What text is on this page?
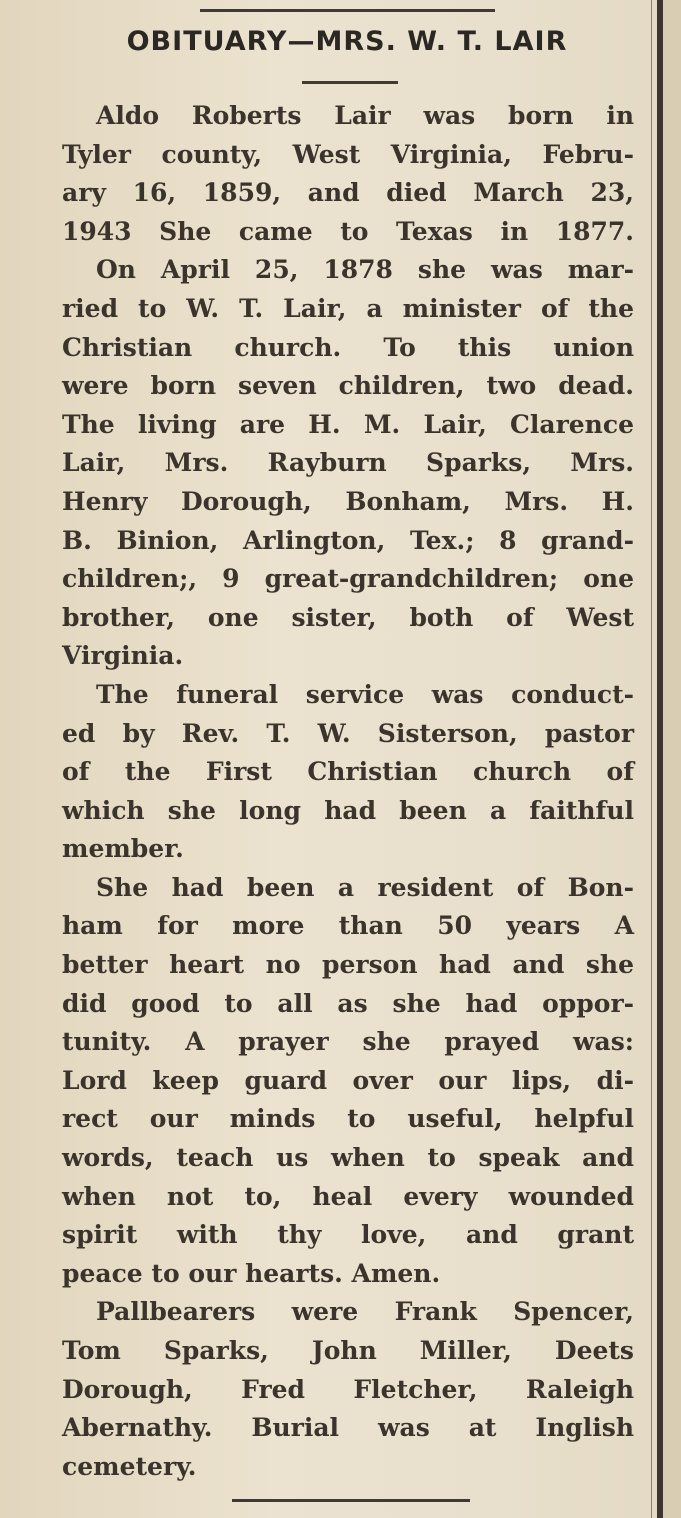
OBITUARY—MRS. W. T. LAIR
Aldo Roberts Lair was born in
Tyler county, West Virginia, Febru-
ary 16, 1859, and died March 23,
1943 She came to Texas in 1877.
On April 25, 1878 she was mar-
ried to W. T. Lair, a minister of the
Christian church. To this union
were born seven children, two dead.
The living are H. M. Lair, Clarence
Lair, Mrs. Rayburn Sparks, Mrs.
Henry Dorough, Bonham, Mrs. H.
B. Binion, Arlington, Tex.; 8 grand-
children;, 9 great-grandchildren; one
brother, one sister, both of West
Virginia.
The funeral service was conduct-
ed by Rev. T. W. Sisterson, pastor
of the First Christian church of
which she long had been a faithful
member.
She had been a resident of Bon-
ham for more than 50 years A
better heart no person had and she
did good to all as she had oppor-
tunity. A prayer she prayed was:
Lord keep guard over our lips, di-
rect our minds to useful, helpful
words, teach us when to speak and
when not to, heal every wounded
spirit with thy love, and grant
peace to our hearts. Amen.
Pallbearers were Frank Spencer,
Tom Sparks, John Miller, Deets
Dorough, Fred Fletcher, Raleigh
Abernathy. Burial was at Inglish
cemetery.
